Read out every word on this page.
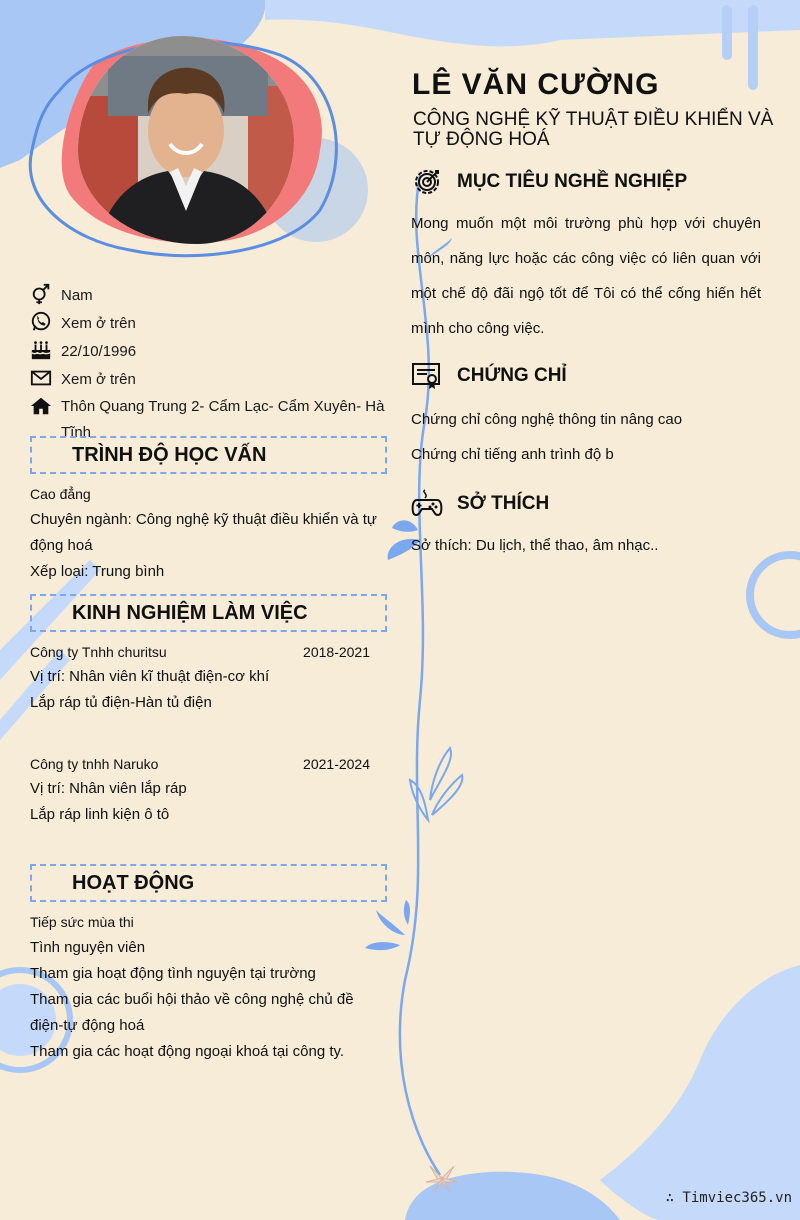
LÊ VĂN CƯỜNG
CÔNG NGHỆ KỸ THUẬT ĐIỀU KHIỂN VÀ TỰ ĐỘNG HOÁ
Nam
Xem ở trên
22/10/1996
Xem ở trên
Thôn Quang Trung 2- Cẩm Lạc- Cẩm Xuyên- Hà Tĩnh
TRÌNH ĐỘ HỌC VẤN
Cao đẳng
Chuyên ngành: Công nghệ kỹ thuật điều khiển và tự động hoá
Xếp loại: Trung bình
KINH NGHIỆM LÀM VIỆC
Công ty Tnhh churitsu	2018-2021
Vị trí: Nhân viên kĩ thuật điện-cơ khí
Lắp ráp tủ điện-Hàn tủ điện
Công ty tnhh Naruko	2021-2024
Vị trí: Nhân viên lắp ráp
Lắp ráp linh kiện ô tô
HOẠT ĐỘNG
Tiếp sức mùa thi
Tình nguyện viên
Tham gia hoạt động tình nguyện tại trường
Tham gia các buổi hội thảo về công nghệ chủ đề điện-tự động hoá
Tham gia các hoạt động ngoại khoá tại công ty.
MỤC TIÊU NGHỀ NGHIỆP
Mong muốn một môi trường phù hợp với chuyên môn, năng lực hoặc các công việc có liên quan với một chế độ đãi ngộ tốt để Tôi có thể cống hiến hết mình cho công việc.
CHỨNG CHỈ
Chứng chỉ công nghệ thông tin nâng cao
Chứng chỉ tiếng anh trình độ b
SỞ THÍCH
Sở thích: Du lịch, thể thao, âm nhạc..
∴ Timviec365.vn
